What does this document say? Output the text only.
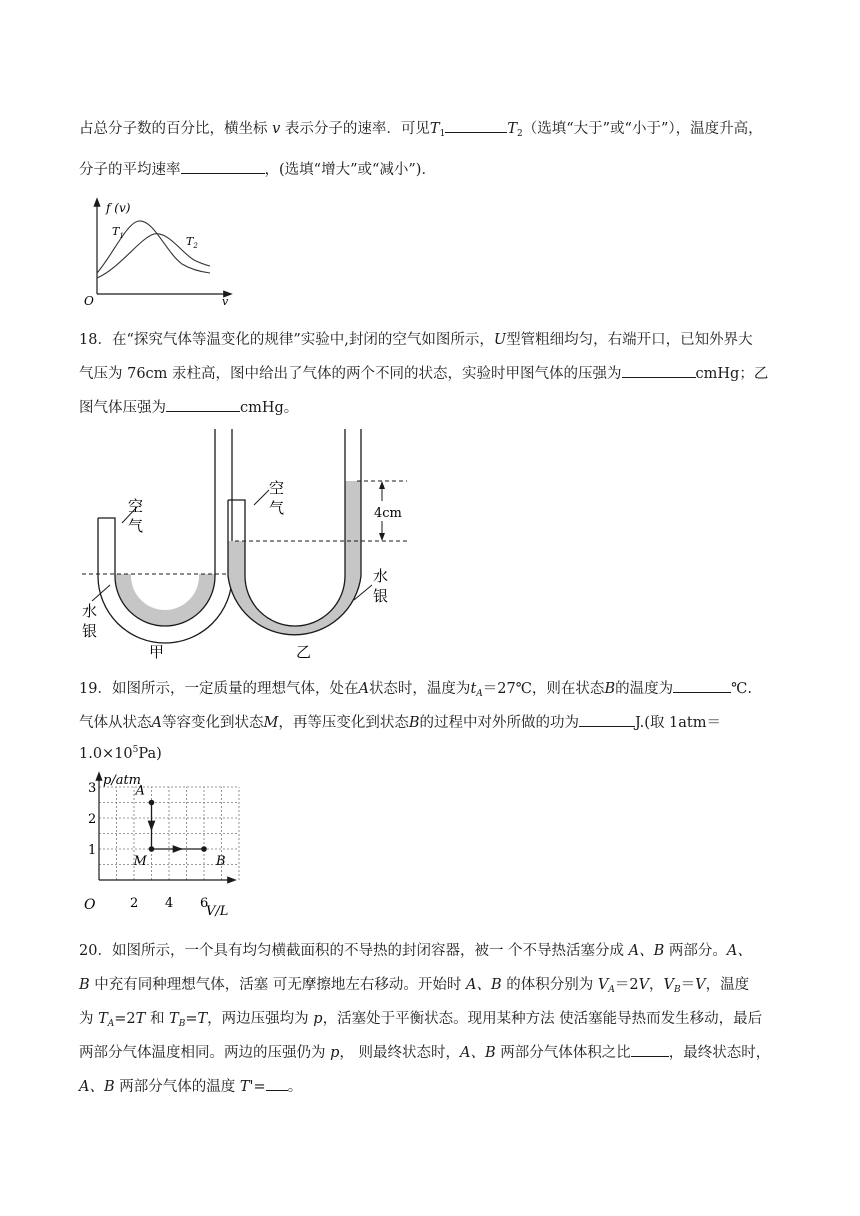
占总分子数的百分比，横坐标 v 表示分子的速率．可见$T_1$	$T_2$（选填“大于”或“小于”），温度升高，
分子的平均速率	，(选填“增大”或“减小”)．
f (v)
O	v
$T_1$	$T_2$
18．在“探究气体等温变化的规律”实验中,封闭的空气如图所示，U型管粗细均匀，右端开口，已知外界大
气压为 76cm 汞柱高，图中给出了气体的两个不同的状态，实验时甲图气体的压强为	cmHg；乙
图气体压强为	cmHg。
空
气
水
银
甲
4cm
空
气
水
银
乙
19．如图所示，一定质量的理想气体，处在A状态时，温度为$t_A=27℃$，则在状态B的温度为	℃.
气体从状态A等容变化到状态M，再等压变化到状态B的过程中对外所做的功为	J.(取 1atm＝
$1.0\times 10^5Pa$)
1
2
3
2 4 6
A
M	B
p/atm
V/L
O
20．如图所示，一个具有均匀横截面积的不导热的封闭容器，被一 个不导热活塞分成 A、B 两部分。A、
B 中充有同种理想气体，活塞 可无摩擦地左右移动。开始时 A、B 的体积分别为 $V_A=2V$，$V_B=V$，温度
为 $T_A=2T$ 和 $T_B=T$，两边压强均为 p，活塞处于平衡状态。现用某种方法 使活塞能导热而发生移动，最后
两部分气体温度相同。两边的压强仍为 p， 则最终状态时，A、B 两部分气体体积之比	，最终状态时，
A、B 两部分气体的温度 T'= 。
